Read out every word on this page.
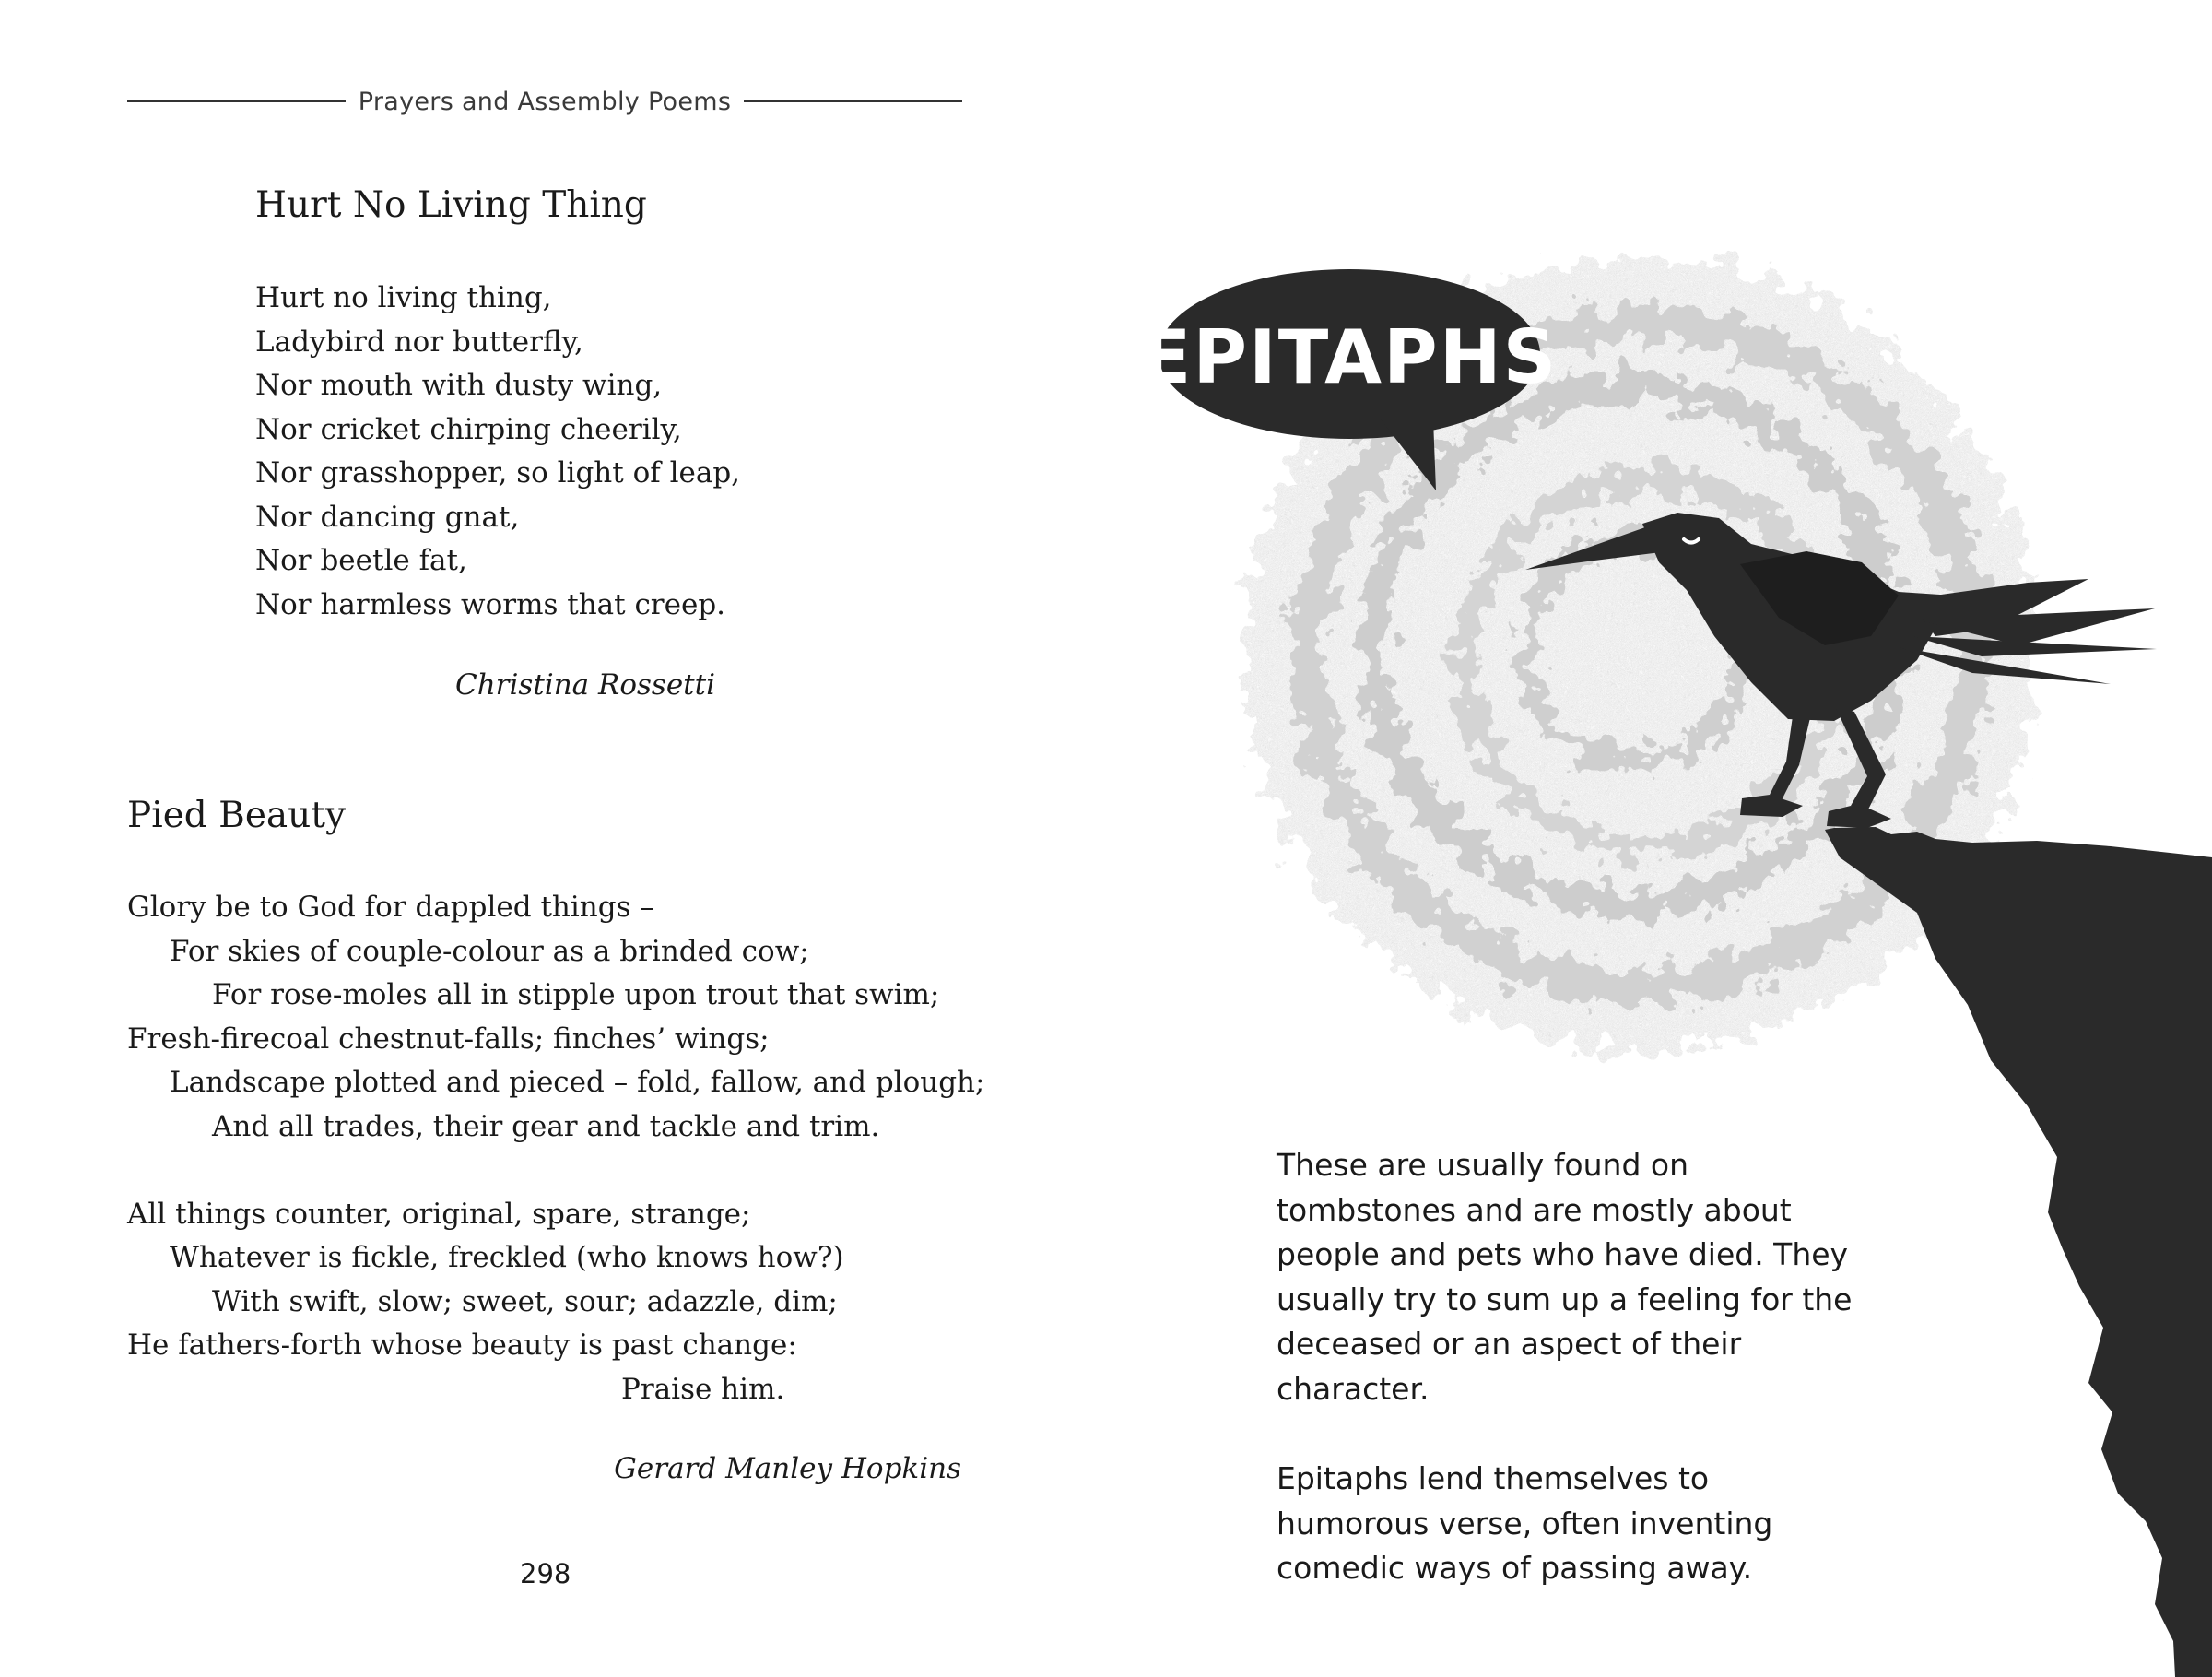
Prayers and Assembly Poems
Hurt No Living Thing
Hurt no living thing,
Ladybird nor butterfly,
Nor mouth with dusty wing,
Nor cricket chirping cheerily,
Nor grasshopper, so light of leap,
Nor dancing gnat,
Nor beetle fat,
Nor harmless worms that creep.
Christina Rossetti
Pied Beauty
Glory be to God for dappled things –
For skies of couple-colour as a brinded cow;
For rose-moles all in stipple upon trout that swim;
Fresh-firecoal chestnut-falls; finches’ wings;
Landscape plotted and pieced – fold, fallow, and plough;
And all trades, their gear and tackle and trim.
All things counter, original, spare, strange;
Whatever is fickle, freckled (who knows how?)
With swift, slow; sweet, sour; adazzle, dim;
He fathers-forth whose beauty is past change:
Praise him.
Gerard Manley Hopkins
298
EPITAPHS

These are usually found on tombstones and are mostly about people and pets who have died. They usually try to sum up a feeling for the deceased or an aspect of their character.

Epitaphs lend themselves to humorous verse, often inventing comedic ways of passing away.
